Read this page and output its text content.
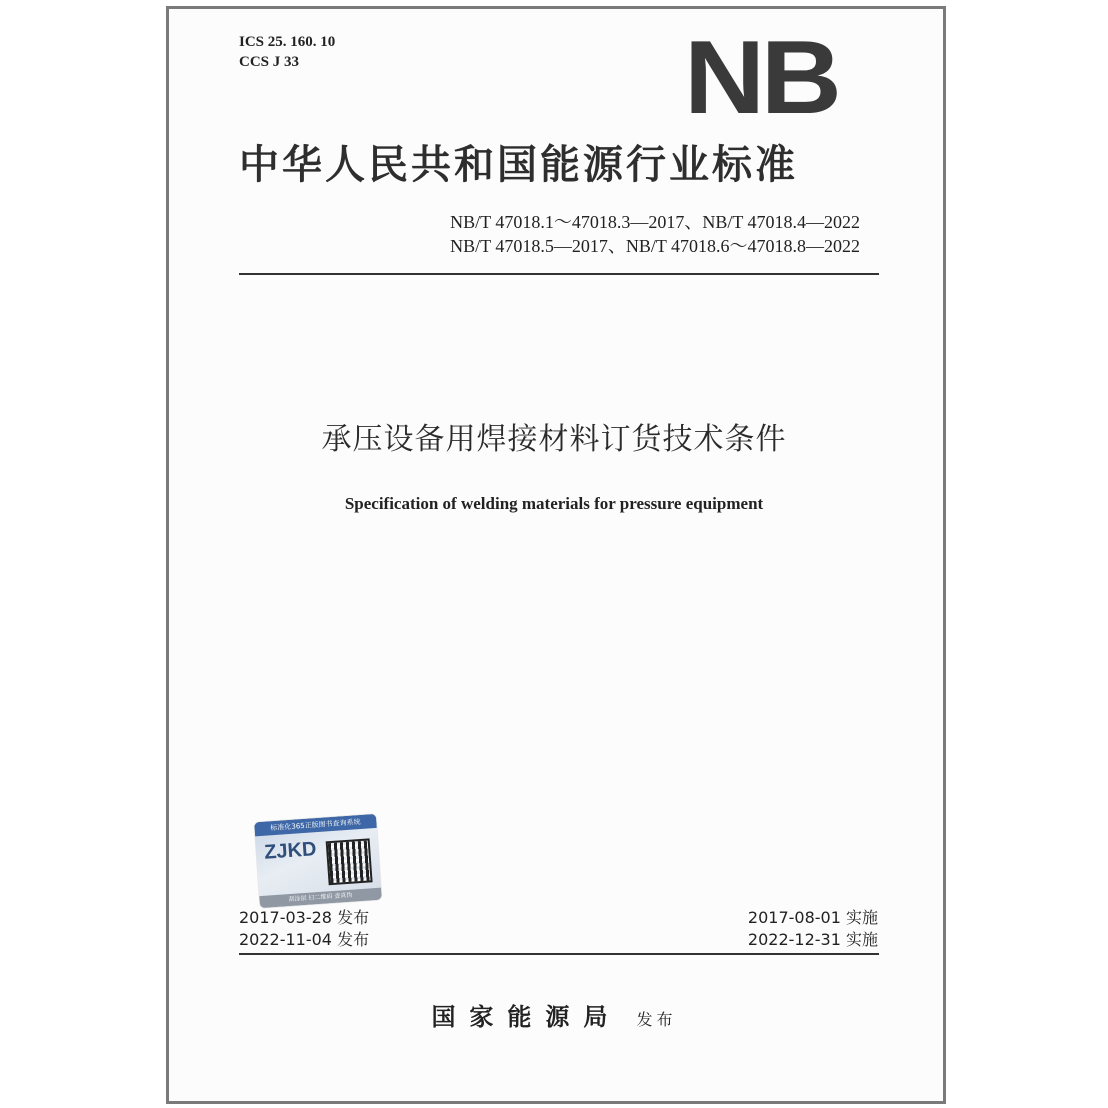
ICS 25. 160. 10
CCS J 33	NB
中华人民共和国能源行业标准
NB/T 47018.1～47018.3—2017、NB/T 47018.4—2022
NB/T 47018.5—2017、NB/T 47018.6～47018.8—2022
承压设备用焊接材料订货技术条件
Specification of welding materials for pressure equipment
标准化365正版图书查询系统
ZJKD
刮涂层 扫二维码 查真伪
2017-03-28 发布
2022-11-04 发布
2017-08-01 实施
2022-12-31 实施
国家能源局 发布
